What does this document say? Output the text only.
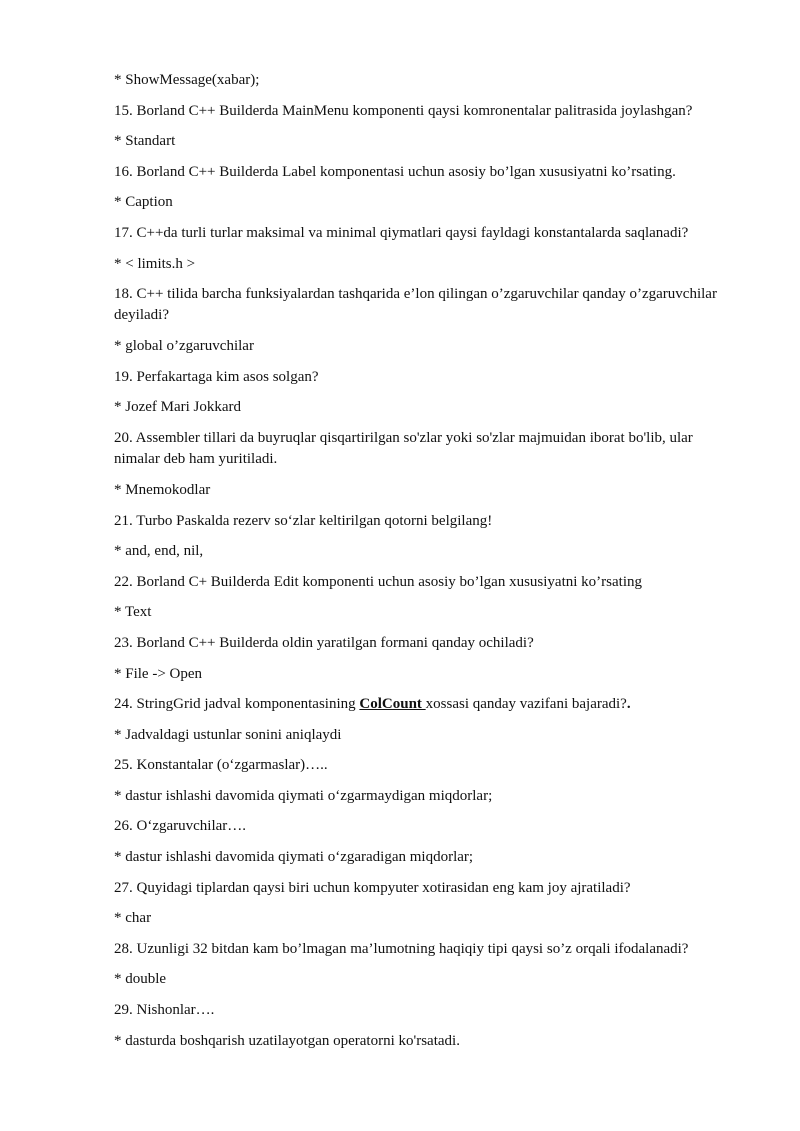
* ShowMessage(xabar);

15. Borland C++ Builderda MainMenu komponenti qaysi komronentalar palitrasida joylashgan?

* Standart

16. Borland C++ Builderda Label komponentasi uchun asosiy bo’lgan xususiyatni ko’rsating.

* Caption

17. C++da turli turlar maksimal va minimal qiymatlari qaysi fayldagi konstantalarda saqlanadi?

* < limits.h >

18. C++ tilida barcha funksiyalardan tashqarida e’lon qilingan o’zgaruvchilar qanday o’zgaruvchilar deyiladi?

* global o’zgaruvchilar

19. Perfakartaga kim asos solgan?

* Jozef Mari Jokkard

20. Assembler tillari da buyruqlar qisqartirilgan so'zlar yoki so'zlar majmuidan iborat bo'lib, ular nimalar deb ham yuritiladi.

* Mnemokodlar

21. Turbo Paskalda rezerv so‘zlar keltirilgan qotorni belgilang!

* and, end, nil,

22. Borland C+ Builderda Edit komponenti uchun asosiy bo’lgan xususiyatni ko’rsating

* Text

23. Borland C++ Builderda oldin yaratilgan formani qanday ochiladi?

* File -> Open

24. StringGrid jadval komponentasining ColCount xossasi qanday vazifani bajaradi?.

* Jadvaldagi ustunlar sonini aniqlaydi

25. Konstantalar (o‘zgarmaslar)…..

* dastur ishlashi davomida qiymati o‘zgarmaydigan miqdorlar;

26. O‘zgaruvchilar….

* dastur ishlashi davomida qiymati o‘zgaradigan miqdorlar;

27. Quyidagi tiplardan qaysi biri uchun kompyuter xotirasidan eng kam joy ajratiladi?

* char

28. Uzunligi 32 bitdan kam bo’lmagan ma’lumotning haqiqiy tipi qaysi so’z orqali ifodalanadi?

* double

29. Nishonlar….

* dasturda boshqarish uzatilayotgan operatorni ko'rsatadi.
